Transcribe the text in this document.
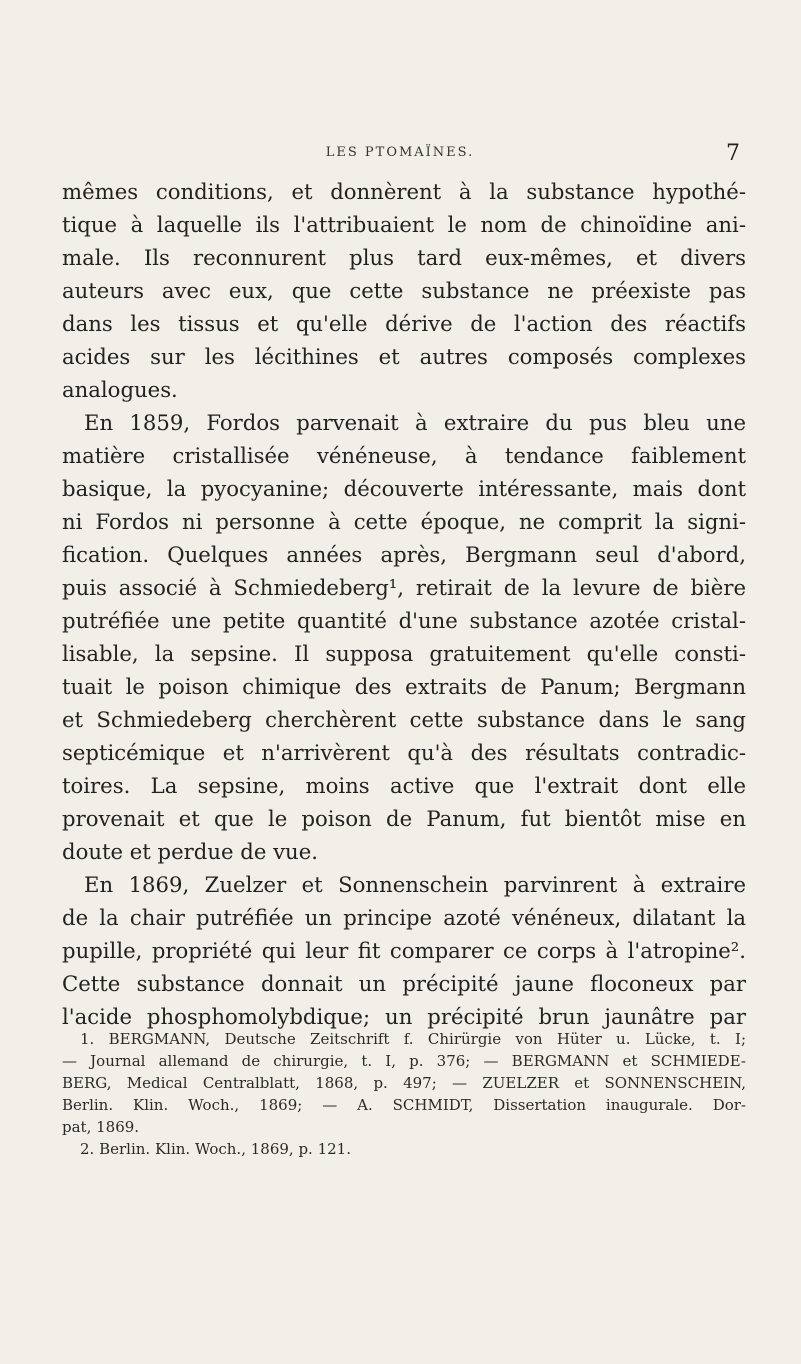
LES PTOMAÏNES.	7
mêmes conditions, et donnèrent à la substance hypothé-
tique à laquelle ils l'attribuaient le nom de chinoïdine ani-
male. Ils reconnurent plus tard eux-mêmes, et divers
auteurs avec eux, que cette substance ne préexiste pas
dans les tissus et qu'elle dérive de l'action des réactifs
acides sur les lécithines et autres composés complexes
analogues.
En 1859, Fordos parvenait à extraire du pus bleu une
matière cristallisée vénéneuse, à tendance faiblement
basique, la pyocyanine; découverte intéressante, mais dont
ni Fordos ni personne à cette époque, ne comprit la signi-
fication. Quelques années après, Bergmann seul d'abord,
puis associé à Schmiedeberg¹, retirait de la levure de bière
putréfiée une petite quantité d'une substance azotée cristal-
lisable, la sepsine. Il supposa gratuitement qu'elle consti-
tuait le poison chimique des extraits de Panum; Bergmann
et Schmiedeberg cherchèrent cette substance dans le sang
septicémique et n'arrivèrent qu'à des résultats contradic-
toires. La sepsine, moins active que l'extrait dont elle
provenait et que le poison de Panum, fut bientôt mise en
doute et perdue de vue.
En 1869, Zuelzer et Sonnenschein parvinrent à extraire
de la chair putréfiée un principe azoté vénéneux, dilatant la
pupille, propriété qui leur fit comparer ce corps à l'atropine².
Cette substance donnait un précipité jaune floconeux par
l'acide phosphomolybdique; un précipité brun jaunâtre par
1. BERGMANN, Deutsche Zeitschrift f. Chirürgie von Hüter u. Lücke, t. I;
— Journal allemand de chirurgie, t. I, p. 376; — BERGMANN et SCHMIEDE-
BERG, Medical Centralblatt, 1868, p. 497; — ZUELZER et SONNENSCHEIN,
Berlin. Klin. Woch., 1869; — A. SCHMIDT, Dissertation inaugurale. Dor-
pat, 1869.
2. Berlin. Klin. Woch., 1869, p. 121.
